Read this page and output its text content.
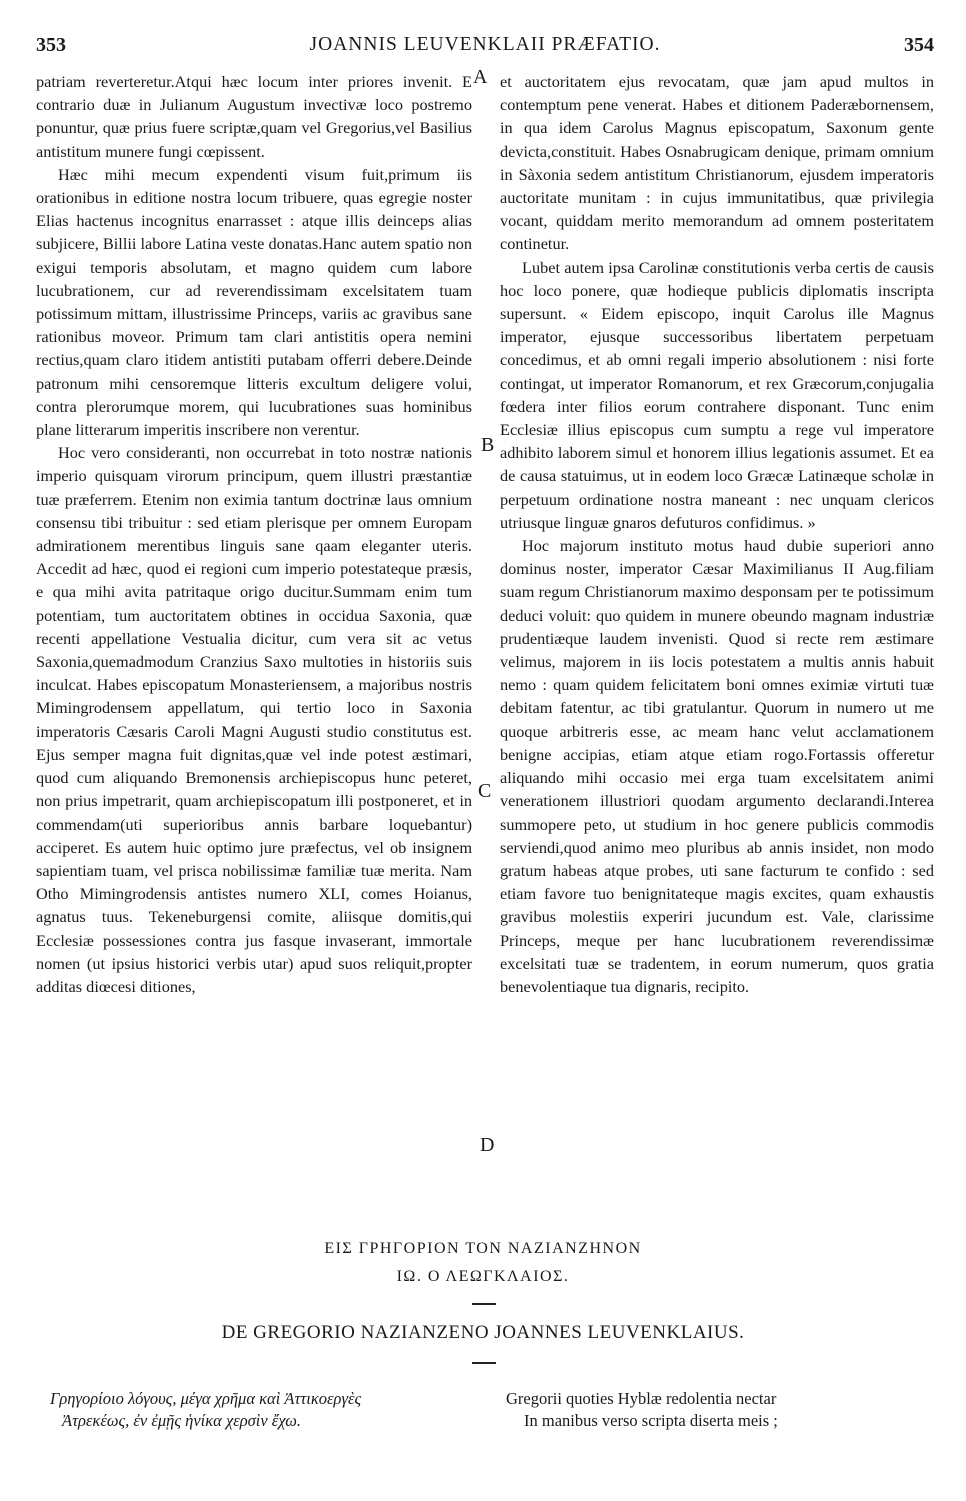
353	JOANNIS LEUVENKLAII PRÆFATIO.	354

patriam reverteretur.Atqui hæc locum inter priores invenit. E contrario duæ in Julianum Augustum invectivæ loco postremo ponuntur, quæ prius fuere scriptæ,quam vel Gregorius,vel Basilius antistitum munere fungi cœpissent.

Hæc mihi mecum expendenti visum fuit,primum iis orationibus in editione nostra locum tribuere, quas egregie noster Elias hactenus incognitus enarrasset : atque illis deinceps alias subjicere, Billii labore Latina veste donatas.Hanc autem spatio non exigui temporis absolutam, et magno quidem cum labore lucubrationem, cur ad reverendissimam excelsitatem tuam potissimum mittam, illustrissime Princeps, variis ac gravibus sane rationibus moveor. Primum tam clari antistitis opera nemini rectius,quam claro itidem antistiti putabam offerri debere.Deinde patronum mihi censoremque litteris excultum deligere volui, contra plerorumque morem, qui lucubrationes suas hominibus plane litterarum imperitis inscribere non verentur.

Hoc vero consideranti, non occurrebat in toto nostræ nationis imperio quisquam virorum principum, quem illustri præstantiæ tuæ præferrem. Etenim non eximia tantum doctrinæ laus omnium consensu tibi tribuitur : sed etiam plerisque per omnem Europam admirationem merentibus linguis sane qaam eleganter uteris. Accedit ad hæc, quod ei regioni cum imperio potestateque præsis, e qua mihi avita patritaque origo ducitur.Summam enim tum potentiam, tum auctoritatem obtines in occidua Saxonia, quæ recenti appellatione Vestualia dicitur, cum vera sit ac vetus Saxonia,quemadmodum Cranzius Saxo multoties in historiis suis inculcat. Habes episcopatum Monasteriensem, a majoribus nostris Mimingrodensem appellatum, qui tertio loco in Saxonia imperatoris Cæsaris Caroli Magni Augusti studio constitutus est. Ejus semper magna fuit dignitas,quæ vel inde potest æstimari, quod cum aliquando Bremonensis archiepiscopus hunc peteret, non prius impetrarit, quam archiepiscopatum illi postponeret, et in commendam(uti superioribus annis barbare loquebantur) acciperet. Es autem huic optimo jure præfectus, vel ob insignem sapientiam tuam, vel prisca nobilissimæ familiæ tuæ merita. Nam Otho Mimingrodensis antistes numero XLI, comes Hoianus, agnatus tuus. Tekeneburgensi comite, aliisque domitis,qui Ecclesiæ possessiones contra jus fasque invaserant, immortale nomen (ut ipsius historici verbis utar) apud suos reliquit,propter additas diœcesi ditiones,

et auctoritatem ejus revocatam, quæ jam apud multos in contemptum pene venerat. Habes et ditionem Paderæbornensem, in qua idem Carolus Magnus episcopatum, Saxonum gente devicta,constituit. Habes Osnabrugicam denique, primam omnium in Sàxonia sedem antistitum Christianorum, ejusdem imperatoris auctoritate munitam : in cujus immunitatibus, quæ privilegia vocant, quiddam merito memorandum ad omnem posteritatem continetur.

Lubet autem ipsa Carolinæ constitutionis verba certis de causis hoc loco ponere, quæ hodieque publicis diplomatis inscripta supersunt. « Eidem episcopo, inquit Carolus ille Magnus imperator, ejusque successoribus libertatem perpetuam concedimus, et ab omni regali imperio absolutionem : nisi forte contingat, ut imperator Romanorum, et rex Græcorum,conjugalia fœdera inter filios eorum contrahere disponant. Tunc enim Ecclesiæ illius episcopus cum sumptu a rege vul imperatore adhibito laborem simul et honorem illius legationis assumet. Et ea de causa statuimus, ut in eodem loco Græcæ Latinæque scholæ in perpetuum ordinatione nostra maneant : nec unquam clericos utriusque linguæ gnaros defuturos confidimus. »

Hoc majorum instituto motus haud dubie superiori anno dominus noster, imperator Cæsar Maximilianus II Aug.filiam suam regum Christianorum maximo desponsam per te potissimum deduci voluit: quo quidem in munere obeundo magnam industriæ prudentiæque laudem invenisti. Quod si recte rem æstimare velimus, majorem in iis locis potestatem a multis annis habuit nemo : quam quidem felicitatem boni omnes eximiæ virtuti tuæ debitam fatentur, ac tibi gratulantur. Quorum in numero ut me quoque arbitreris esse, ac meam hanc velut acclamationem benigne accipias, etiam atque etiam rogo.Fortassis offeretur aliquando mihi occasio mei erga tuam excelsitatem animi venerationem illustriori quodam argumento declarandi.Interea summopere peto, ut studium in hoc genere publicis commodis serviendi,quod animo meo pluribus ab annis insidet, non modo gratum habeas atque probes, uti sane facturum te confido : sed etiam favore tuo benignitateque magis excites, quam exhaustis gravibus molestiis experiri jucundum est. Vale, clarissime Princeps, meque per hanc lucubrationem reverendissimæ excelsitati tuæ se tradentem, in eorum numerum, quos gratia benevolentiaque tua dignaris, recipito.

A
B
C
D
ΕΙΣ ΓΡΗΓΟΡΙΟΝ ΤΟΝ ΝΑΖΙΑΝΖΗΝΟΝ
ΙΩ. Ο ΛΕΩΓΚΛΑΙΟΣ.
DE GREGORIO NAZIANZENO JOANNES LEUVENKLAIUS.
Γρηγορίοιο λόγους, μέγα χρῆμα καὶ Ἀττικοεργὲς
Ἀτρεκέως, ἐν ἐμῇς ἡνίκα χερσὶν ἔχω.
Gregorii quoties Hyblæ redolentia nectar
In manibus verso scripta diserta meis ;
